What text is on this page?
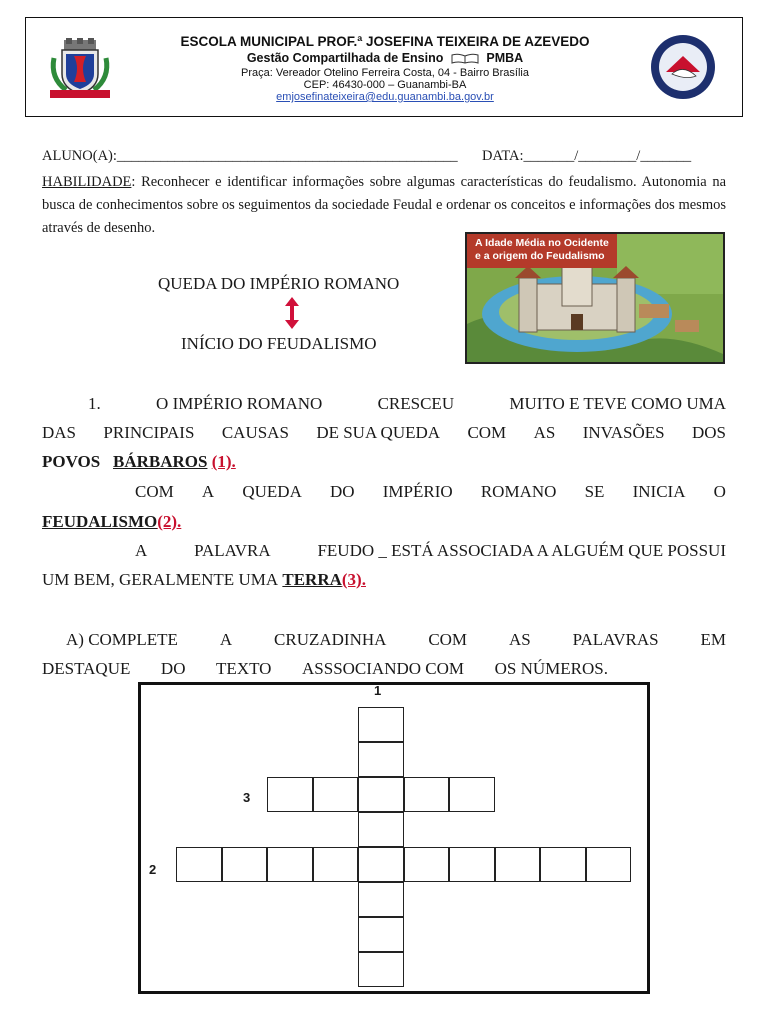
ESCOLA MUNICIPAL PROF.ª JOSEFINA TEIXEIRA DE AZEVEDO
Gestão Compartilhada de Ensino	PMBA
Praça: Vereador Otelino Ferreira Costa, 04 - Bairro Brasília
CEP: 46430-000 – Guanambi-BA
emjosefinateixeira@edu.guanambi.ba.gov.br
ALUNO(A):_______________________________________________ DATA:_______/________/_______
HABILIDADE: Reconhecer e identificar informações sobre algumas características do feudalismo. Autonomia na busca de conhecimentos sobre os seguimentos da sociedade Feudal e ordenar os conceitos e informações dos mesmos através de desenho.
A Idade Média no Ocidente
e a origem do Feudalismo
QUEDA DO IMPÉRIO ROMANO
INÍCIO DO FEUDALISMO
1.	O IMPÉRIO ROMANO	CRESCEU	MUITO E TEVE COMO UMA
DAS PRINCIPAIS CAUSAS DE SUA QUEDA COM AS INVASÕES DOS
POVOS BÁRBAROS (1).
COM A QUEDA DO IMPÉRIO ROMANO SE INICIA O
FEUDALISMO(2).
A	PALAVRA	FEUDO _ ESTÁ ASSOCIADA A ALGUÉM QUE POSSUI
UM BEM, GERALMENTE UMA TERRA(3).
A) COMPLETE A CRUZADINHA COM AS PALAVRAS EM
DESTAQUE DO TEXTO ASSSOCIANDO COM OS NÚMEROS.
1
3
2
